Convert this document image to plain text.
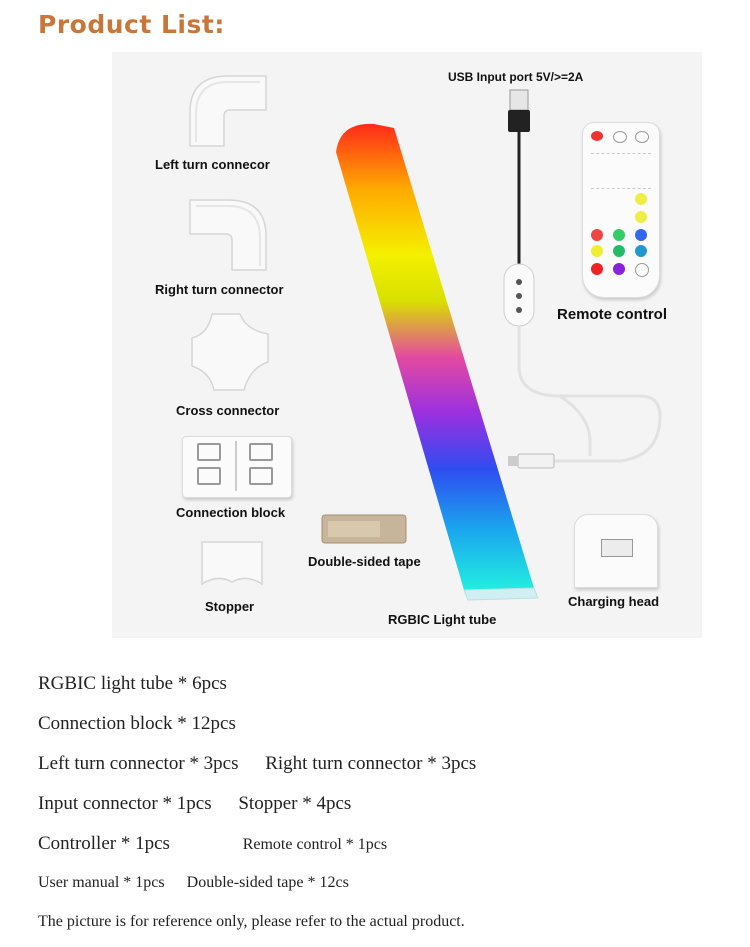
Product List:
Left turn connecor
Right turn connector
Cross connector
Connection block
Stopper
Double-sided tape
RGBIC Light tube
USB Input port 5V/>=2A
Remote control
Charging head
RGBIC light tube * 6pcs
Connection block * 12pcs
Left turn connector * 3pcs Right turn connector * 3pcs
Input connector * 1pcs Stopper * 4pcs
Controller * 1pcs	Remote control * 1pcs
User manual * 1pcs Double-sided tape * 12cs
The picture is for reference only, please refer to the actual product.
